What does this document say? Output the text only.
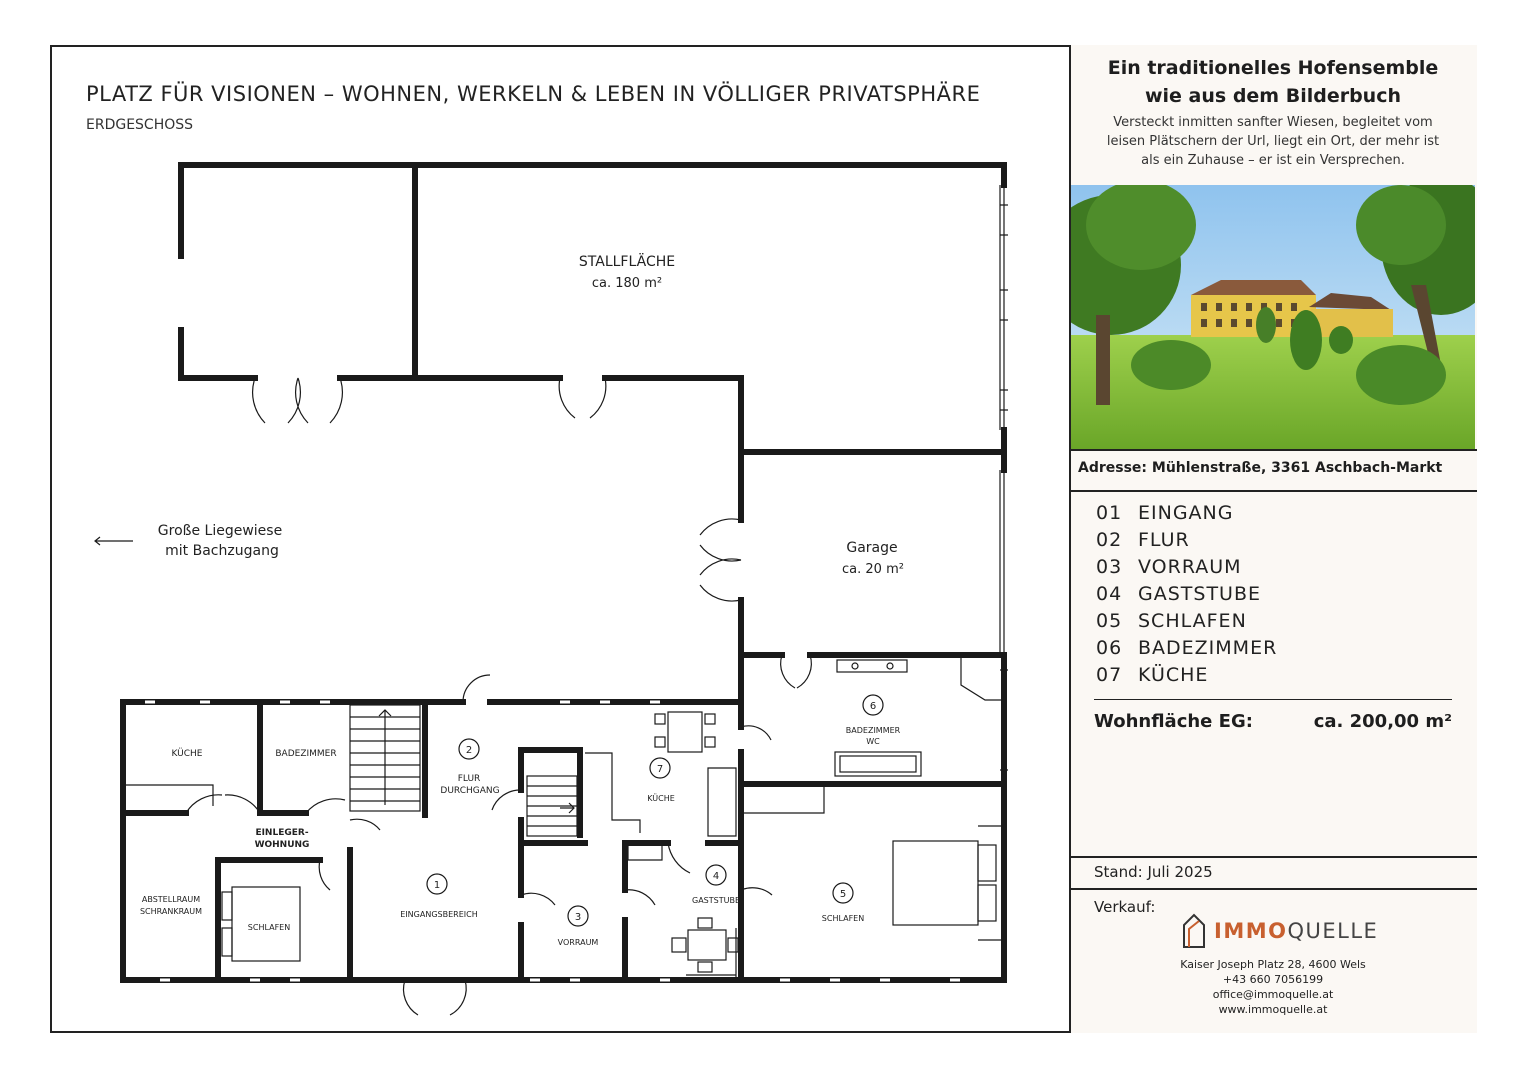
PLATZ FÜR VISIONEN – WOHNEN, WERKELN & LEBEN IN VÖLLIGER PRIVATSPHÄRE
ERDGESCHOSS
STALLFLÄCHE
ca. 180 m²
Garage
ca. 20 m²
Große Liegewiese
mit Bachzugang
KÜCHE	BADEZIMMER
EINLEGER-
WOHNUNG
ABSTELLRAUM
SCHRANKRAUM
SCHLAFEN
FLUR
DURCHGANG
EINGANGSBEREICH
VORRAUM
KÜCHE
GASTSTUBE
BADEZIMMER
WC
SCHLAFEN
2
7
6
1
3
4
5
Ein traditionelles Hofensemble
wie aus dem Bilderbuch
Versteckt inmitten sanfter Wiesen, begleitet vom
leisen Plätschern der Url, liegt ein Ort, der mehr ist
als ein Zuhause – er ist ein Versprechen.
Adresse: Mühlenstraße, 3361 Aschbach-Markt
01 EINGANG
02 FLUR
03 VORRAUM
04 GASTSTUBE
05 SCHLAFEN
06 BADEZIMMER
07 KÜCHE
Wohnfläche EG:	ca. 200,00 m²
Stand: Juli 2025
Verkauf:
IMMOQUELLE
Kaiser Joseph Platz 28, 4600 Wels
+43 660 7056199
office@immoquelle.at
www.immoquelle.at
